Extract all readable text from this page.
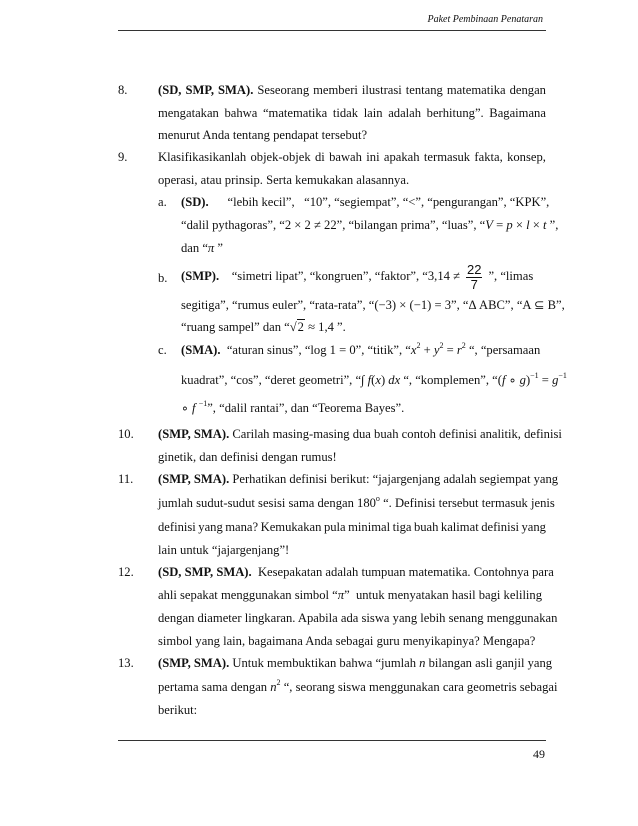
Paket Pembinaan Penataran
8. (SD, SMP, SMA). Seseorang memberi ilustrasi tentang matematika dengan
mengatakan bahwa “matematika tidak lain adalah berhitung”. Bagaimana
menurut Anda tentang pendapat tersebut?
9. Klasifikasikanlah objek-objek di bawah ini apakah termasuk fakta, konsep,
operasi, atau prinsip. Serta kemukakan alasannya.
a. (SD).      “lebih kecil”,   “10”, “segiempat”, “<”, “pengurangan”, “KPK”,
“dalil pythagoras”, “2 × 2 ≠ 22”, “bilangan prima”, “luas”, “V = p × l × t ”,
dan “π ”
b. (SMP).    “simetri lipat”, “kongruen”, “faktor”, “$3,14 \ne \frac{22}{7}$ ”, “limas
segitiga”, “rumus euler”, “rata-rata”, “(−3) × (−1) = 3”, “Δ ABC”, “A ⊆ B”,
“ruang sampel” dan “√2 ≈ 1,4 ”.
c. (SMA).  “aturan sinus”, “log 1 = 0”, “titik”, “$x^2 + y^2 = r^2$ “, “persamaan
kuadrat”, “cos”, “deret geometri”, “∫ f(x) dx “, “komplemen”, “(f ∘ $g)^{-1} = g^{-1}$
∘ f $^{-1}$”, “dalil rantai”, dan “Teorema Bayes”.
10. (SMP, SMA). Carilah masing-masing dua buah contoh definisi analitik, definisi
ginetik, dan definisi dengan rumus!
11. (SMP, SMA). Perhatikan definisi berikut: “jajargenjang adalah segiempat yang
jumlah sudut-sudut sesisi sama dengan 180$^o$ “. Definisi tersebut termasuk jenis
definisi yang mana? Kemukakan pula minimal tiga buah kalimat definisi yang
lain untuk “jajargenjang”!
12. (SD, SMP, SMA).  Kesepakatan adalah tumpuan matematika. Contohnya para
ahli sepakat menggunakan simbol “π”  untuk menyatakan hasil bagi keliling
dengan diameter lingkaran. Apabila ada siswa yang lebih senang menggunakan
simbol yang lain, bagaimana Anda sebagai guru menyikapinya? Mengapa?
13. (SMP, SMA). Untuk membuktikan bahwa “jumlah n bilangan asli ganjil yang
pertama sama dengan $n^2$ “, seorang siswa menggunakan cara geometris sebagai
berikut:
49
